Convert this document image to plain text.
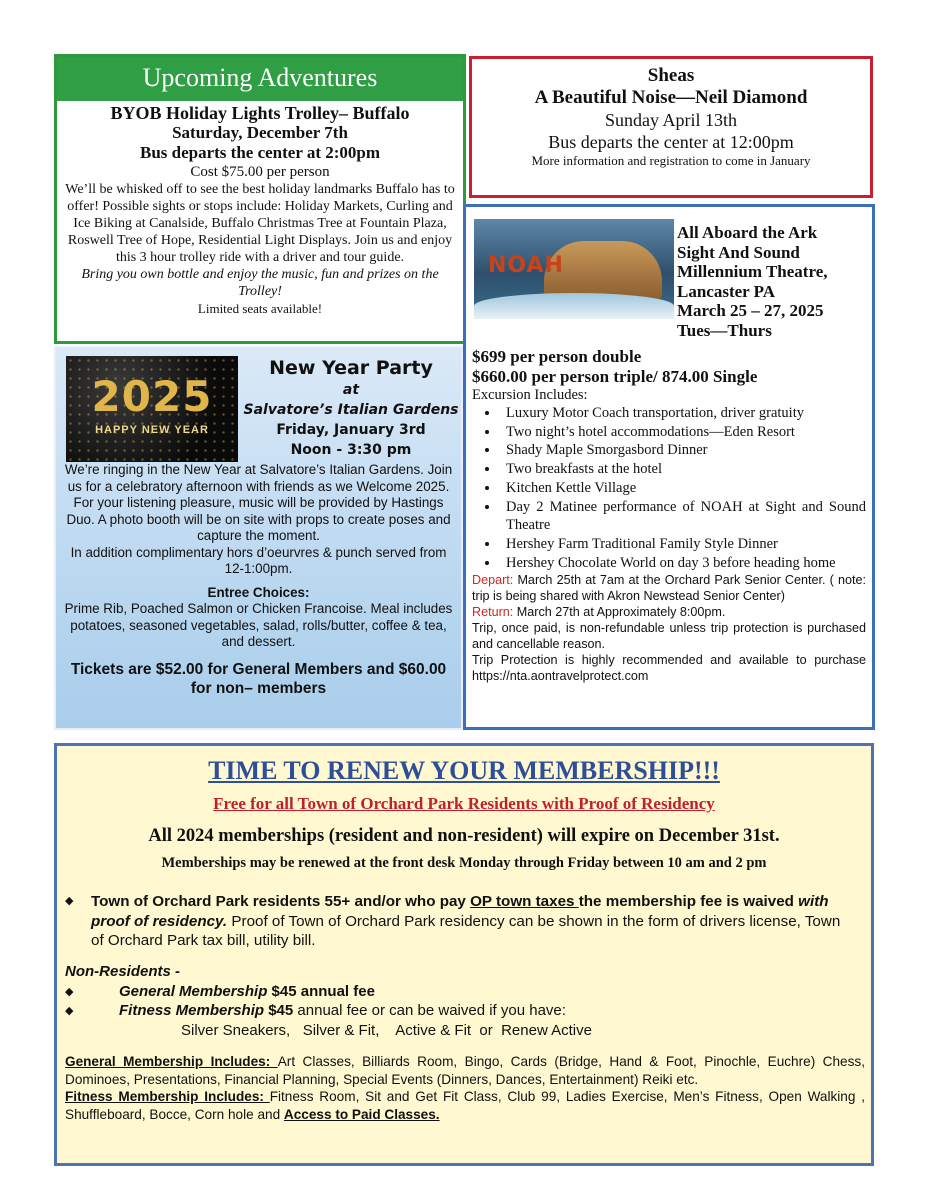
Upcoming Adventures

BYOB Holiday Lights Trolley– Buffalo

Saturday, December 7th

Bus departs the center at 2:00pm

Cost $75.00 per person

We’ll be whisked off to see the best holiday landmarks Buffalo has to offer! Possible sights or stops include: Holiday Markets, Curling and Ice Biking at Canalside, Buffalo Christmas Tree at Fountain Plaza, Roswell Tree of Hope, Residential Light Displays. Join us and enjoy this 3 hour trolley ride with a driver and tour guide.

Bring you own bottle and enjoy the music, fun and prizes on the Trolley!

Limited seats available!

Sheas

A Beautiful Noise—Neil Diamond

Sunday April 13th

Bus departs the center at 12:00pm

More information and registration to come in January

2025
HAPPY NEW YEAR

New Year Party

at

Salvatore’s Italian Gardens

Friday, January 3rd

Noon - 3:30 pm

We’re ringing in the New Year at Salvatore’s Italian Gardens. Join us for a celebratory afternoon with friends as we Welcome 2025.

For your listening pleasure, music will be provided by Hastings Duo. A photo booth will be on site with props to create poses and capture the moment.

In addition complimentary hors d’oeurvres & punch served from 12-1:00pm.

Entree Choices:

Prime Rib, Poached Salmon or Chicken Francoise. Meal includes potatoes, seasoned vegetables, salad, rolls/butter, coffee & tea, and dessert.

Tickets are $52.00 for General Members and $60.00 for non– members

NOAH

All Aboard the Ark

Sight And Sound

Millennium Theatre,

Lancaster PA

March 25 – 27, 2025

Tues—Thurs

$699 per person double

$660.00 per person triple/ 874.00 Single

Excursion Includes:

• Luxury Motor Coach transportation, driver gratuity
• Two night’s hotel accommodations—Eden Resort
• Shady Maple Smorgasbord Dinner
• Two breakfasts at the hotel
• Kitchen Kettle Village
• Day 2 Matinee performance of NOAH at Sight and Sound Theatre
• Hershey Farm Traditional Family Style Dinner
• Hershey Chocolate World on day 3 before heading home

Depart: March 25th at 7am at the Orchard Park Senior Center. ( note: trip is being shared with Akron Newstead Senior Center)

Return: March 27th at Approximately 8:00pm.

Trip, once paid, is non-refundable unless trip protection is purchased and cancellable reason.

Trip Protection is highly recommended and available to purchase https://nta.aontravelprotect.com

TIME TO RENEW YOUR MEMBERSHIP!!!

Free for all Town of Orchard Park Residents with Proof of Residency

All 2024 memberships (resident and non-resident) will expire on December 31st.

Memberships may be renewed at the front desk Monday through Friday between 10 am and 2 pm

◆	Town of Orchard Park residents 55+ and/or who pay OP town taxes the membership fee is waived with proof of residency. Proof of Town of Orchard Park residency can be shown in the form of drivers license, Town of Orchard Park tax bill, utility bill.

Non-Residents -

◆	General Membership $45 annual fee
◆	Fitness Membership $45 annual fee or can be waived if you have:

Silver Sneakers,   Silver & Fit,    Active & Fit  or  Renew Active

General Membership Includes: Art Classes, Billiards Room, Bingo, Cards (Bridge, Hand & Foot, Pinochle, Euchre) Chess, Dominoes, Presentations, Financial Planning, Special Events (Dinners, Dances, Entertainment) Reiki etc.

Fitness Membership Includes: Fitness Room, Sit and Get Fit Class, Club 99, Ladies Exercise, Men’s Fitness, Open Walking , Shuffleboard, Bocce, Corn hole and Access to Paid Classes.
